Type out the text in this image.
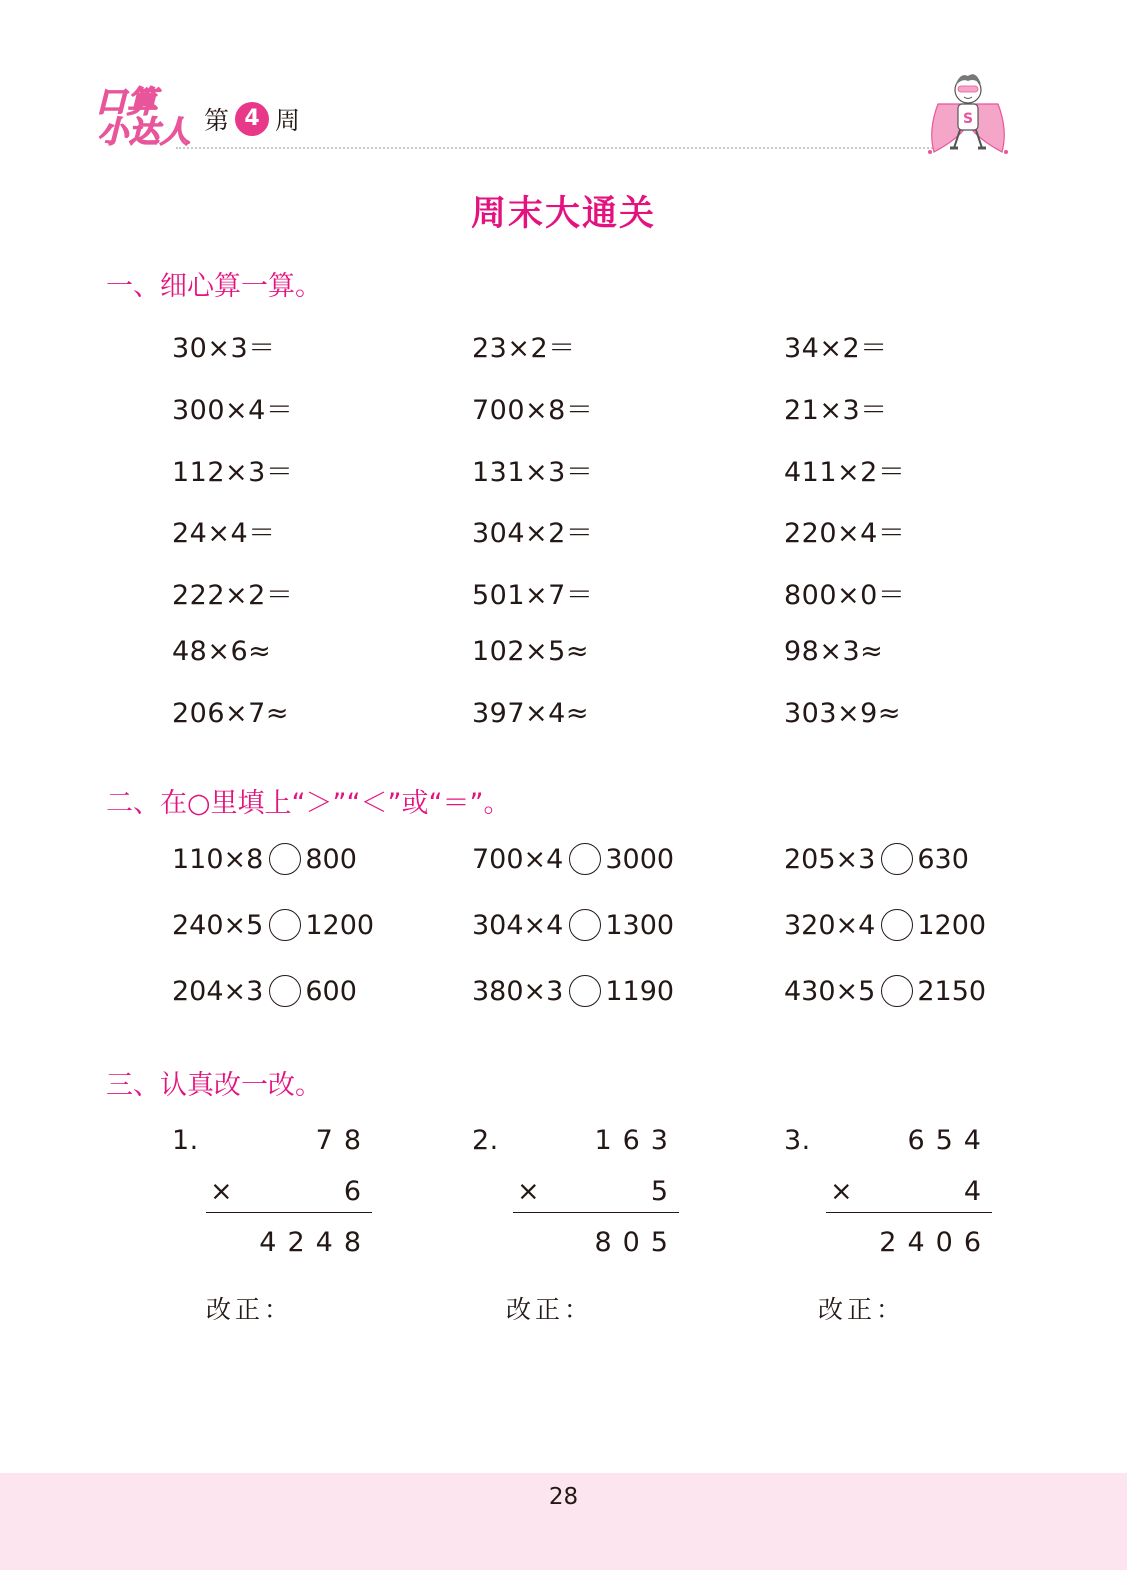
口算
小达人 第 4 周	S
周末大通关
一、细心算一算。
30×3＝	23×2＝	34×2＝
300×4＝	700×8＝	21×3＝
112×3＝	131×3＝	411×2＝
24×4＝	304×2＝	220×4＝
222×2＝	501×7＝	800×0＝
48×6≈	102×5≈	98×3≈
206×7≈	397×4≈	303×9≈
二、在○里填上“＞”“＜”或“＝”。
110×8 800	700×4 3000	205×3 630
240×5 1200	304×4 1300	320×4 1200
204×3 600	380×3 1190	430×5 2150
三、认真改一改。
1.	78
×	6
4248
改正：
2.	163
×	5
805
改正：
3.	654
×	4
2406
改正：
28
